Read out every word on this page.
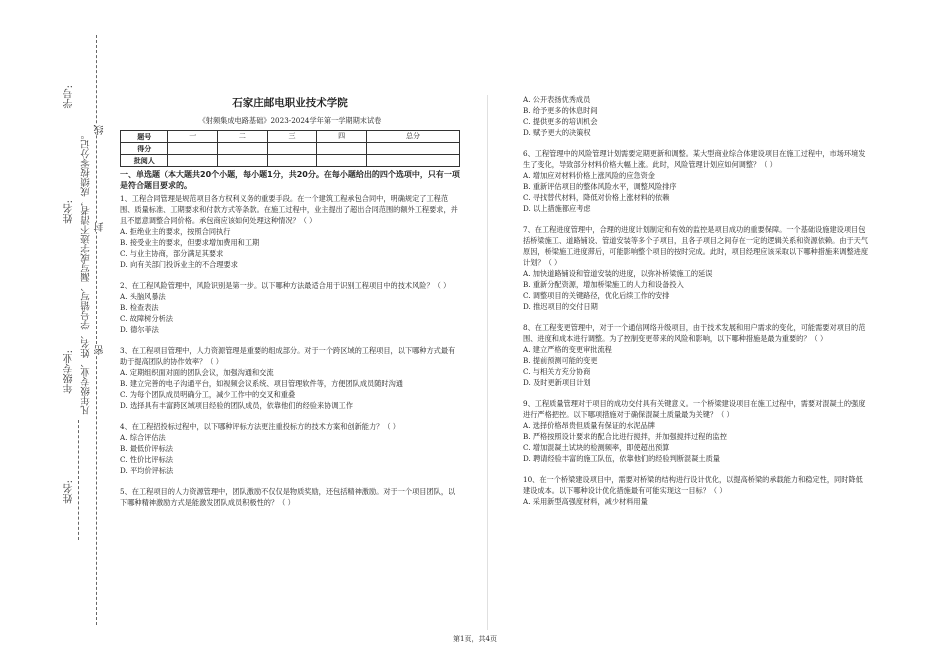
学号:
姓名:
年级专业:
姓名:
凡年级专业、姓名、学号错写、漏写或字迹不清者，成绩按零分记。 密
封
线
石家庄邮电职业技术学院
《射频集成电路基础》2023-2024学年第一学期期末试卷
题号	一	二	三	四	总分
得分					
批阅人					
一、单选题（本大题共20个小题，每小题1分，共20分。在每小题给出的四个选项中，只有一项是符合题目要求的。

1、工程合同管理是规范项目各方权利义务的重要手段。在一个建筑工程承包合同中，明确规定了工程范围、质量标准、工期要求和付款方式等条款。在施工过程中，业主提出了超出合同范围的额外工程要求，并且不愿意调整合同价格。承包商应该如何处理这种情况？（ ）

A. 拒绝业主的要求，按照合同执行

B. 接受业主的要求，但要求增加费用和工期

C. 与业主协商，部分满足其要求

D. 向有关部门投诉业主的不合理要求

2、在工程风险管理中，风险识别是第一步。以下哪种方法最适合用于识别工程项目中的技术风险？（ ）

A. 头脑风暴法

B. 检查表法

C. 故障树分析法

D. 德尔菲法

3、在工程项目管理中，人力资源管理是重要的组成部分。对于一个跨区域的工程项目，以下哪种方式最有助于提高团队的协作效率？（ ）

A. 定期组织面对面的团队会议，加强沟通和交流

B. 建立完善的电子沟通平台，如视频会议系统、项目管理软件等，方便团队成员随时沟通

C. 为每个团队成员明确分工，减少工作中的交叉和重叠

D. 选择具有丰富跨区域项目经验的团队成员，依靠他们的经验来协调工作

4、在工程招投标过程中，以下哪种评标方法更注重投标方的技术方案和创新能力？（ ）

A. 综合评估法

B. 最低价评标法

C. 性价比评标法

D. 平均价评标法

5、在工程项目的人力资源管理中，团队激励不仅仅是物质奖励，还包括精神激励。对于一个项目团队，以下哪种精神激励方式是能激发团队成员积极性的？（ ）

A. 公开表扬优秀成员

B. 给予更多的休息时间

C. 提供更多的培训机会

D. 赋予更大的决策权

6、工程管理中的风险管理计划需要定期更新和调整。某大型商业综合体建设项目在施工过程中，市场环境发生了变化，导致部分材料价格大幅上涨。此时，风险管理计划应如何调整？（ ）

A. 增加应对材料价格上涨风险的应急资金

B. 重新评估项目的整体风险水平，调整风险排序

C. 寻找替代材料，降低对价格上涨材料的依赖

D. 以上措施都应考虑

7、在工程进度管理中，合理的进度计划制定和有效的监控是项目成功的重要保障。一个基础设施建设项目包括桥梁施工、道路铺设、管道安装等多个子项目，且各子项目之间存在一定的逻辑关系和资源依赖。由于天气原因，桥梁施工进度滞后，可能影响整个项目的按时完成。此时，项目经理应该采取以下哪种措施来调整进度计划？（ ）

A. 加快道路铺设和管道安装的进度，以弥补桥梁施工的延误

B. 重新分配资源，增加桥梁施工的人力和设备投入

C. 调整项目的关键路径，优化后续工作的安排

D. 推迟项目的交付日期

8、在工程变更管理中，对于一个通信网络升级项目，由于技术发展和用户需求的变化，可能需要对项目的范围、进度和成本进行调整。为了控制变更带来的风险和影响，以下哪种措施是最为重要的？（ ）

A. 建立严格的变更审批流程

B. 提前预测可能的变更

C. 与相关方充分协商

D. 及时更新项目计划

9、工程质量管理对于项目的成功交付具有关键意义。一个桥梁建设项目在施工过程中，需要对混凝土的强度进行严格把控。以下哪项措施对于确保混凝土质量最为关键？（ ）

A. 选择价格昂贵但质量有保证的水泥品牌

B. 严格按照设计要求的配合比进行搅拌，并加强搅拌过程的监控

C. 增加混凝土试块的检测频率，即使超出预算

D. 聘请经验丰富的施工队伍，依靠他们的经验判断混凝土质量

10、在一个桥梁建设项目中，需要对桥梁的结构进行设计优化，以提高桥梁的承载能力和稳定性，同时降低建设成本。以下哪种设计优化措施最有可能实现这一目标？（ ）

A. 采用新型高强度材料，减少材料用量

第1页，共4页
